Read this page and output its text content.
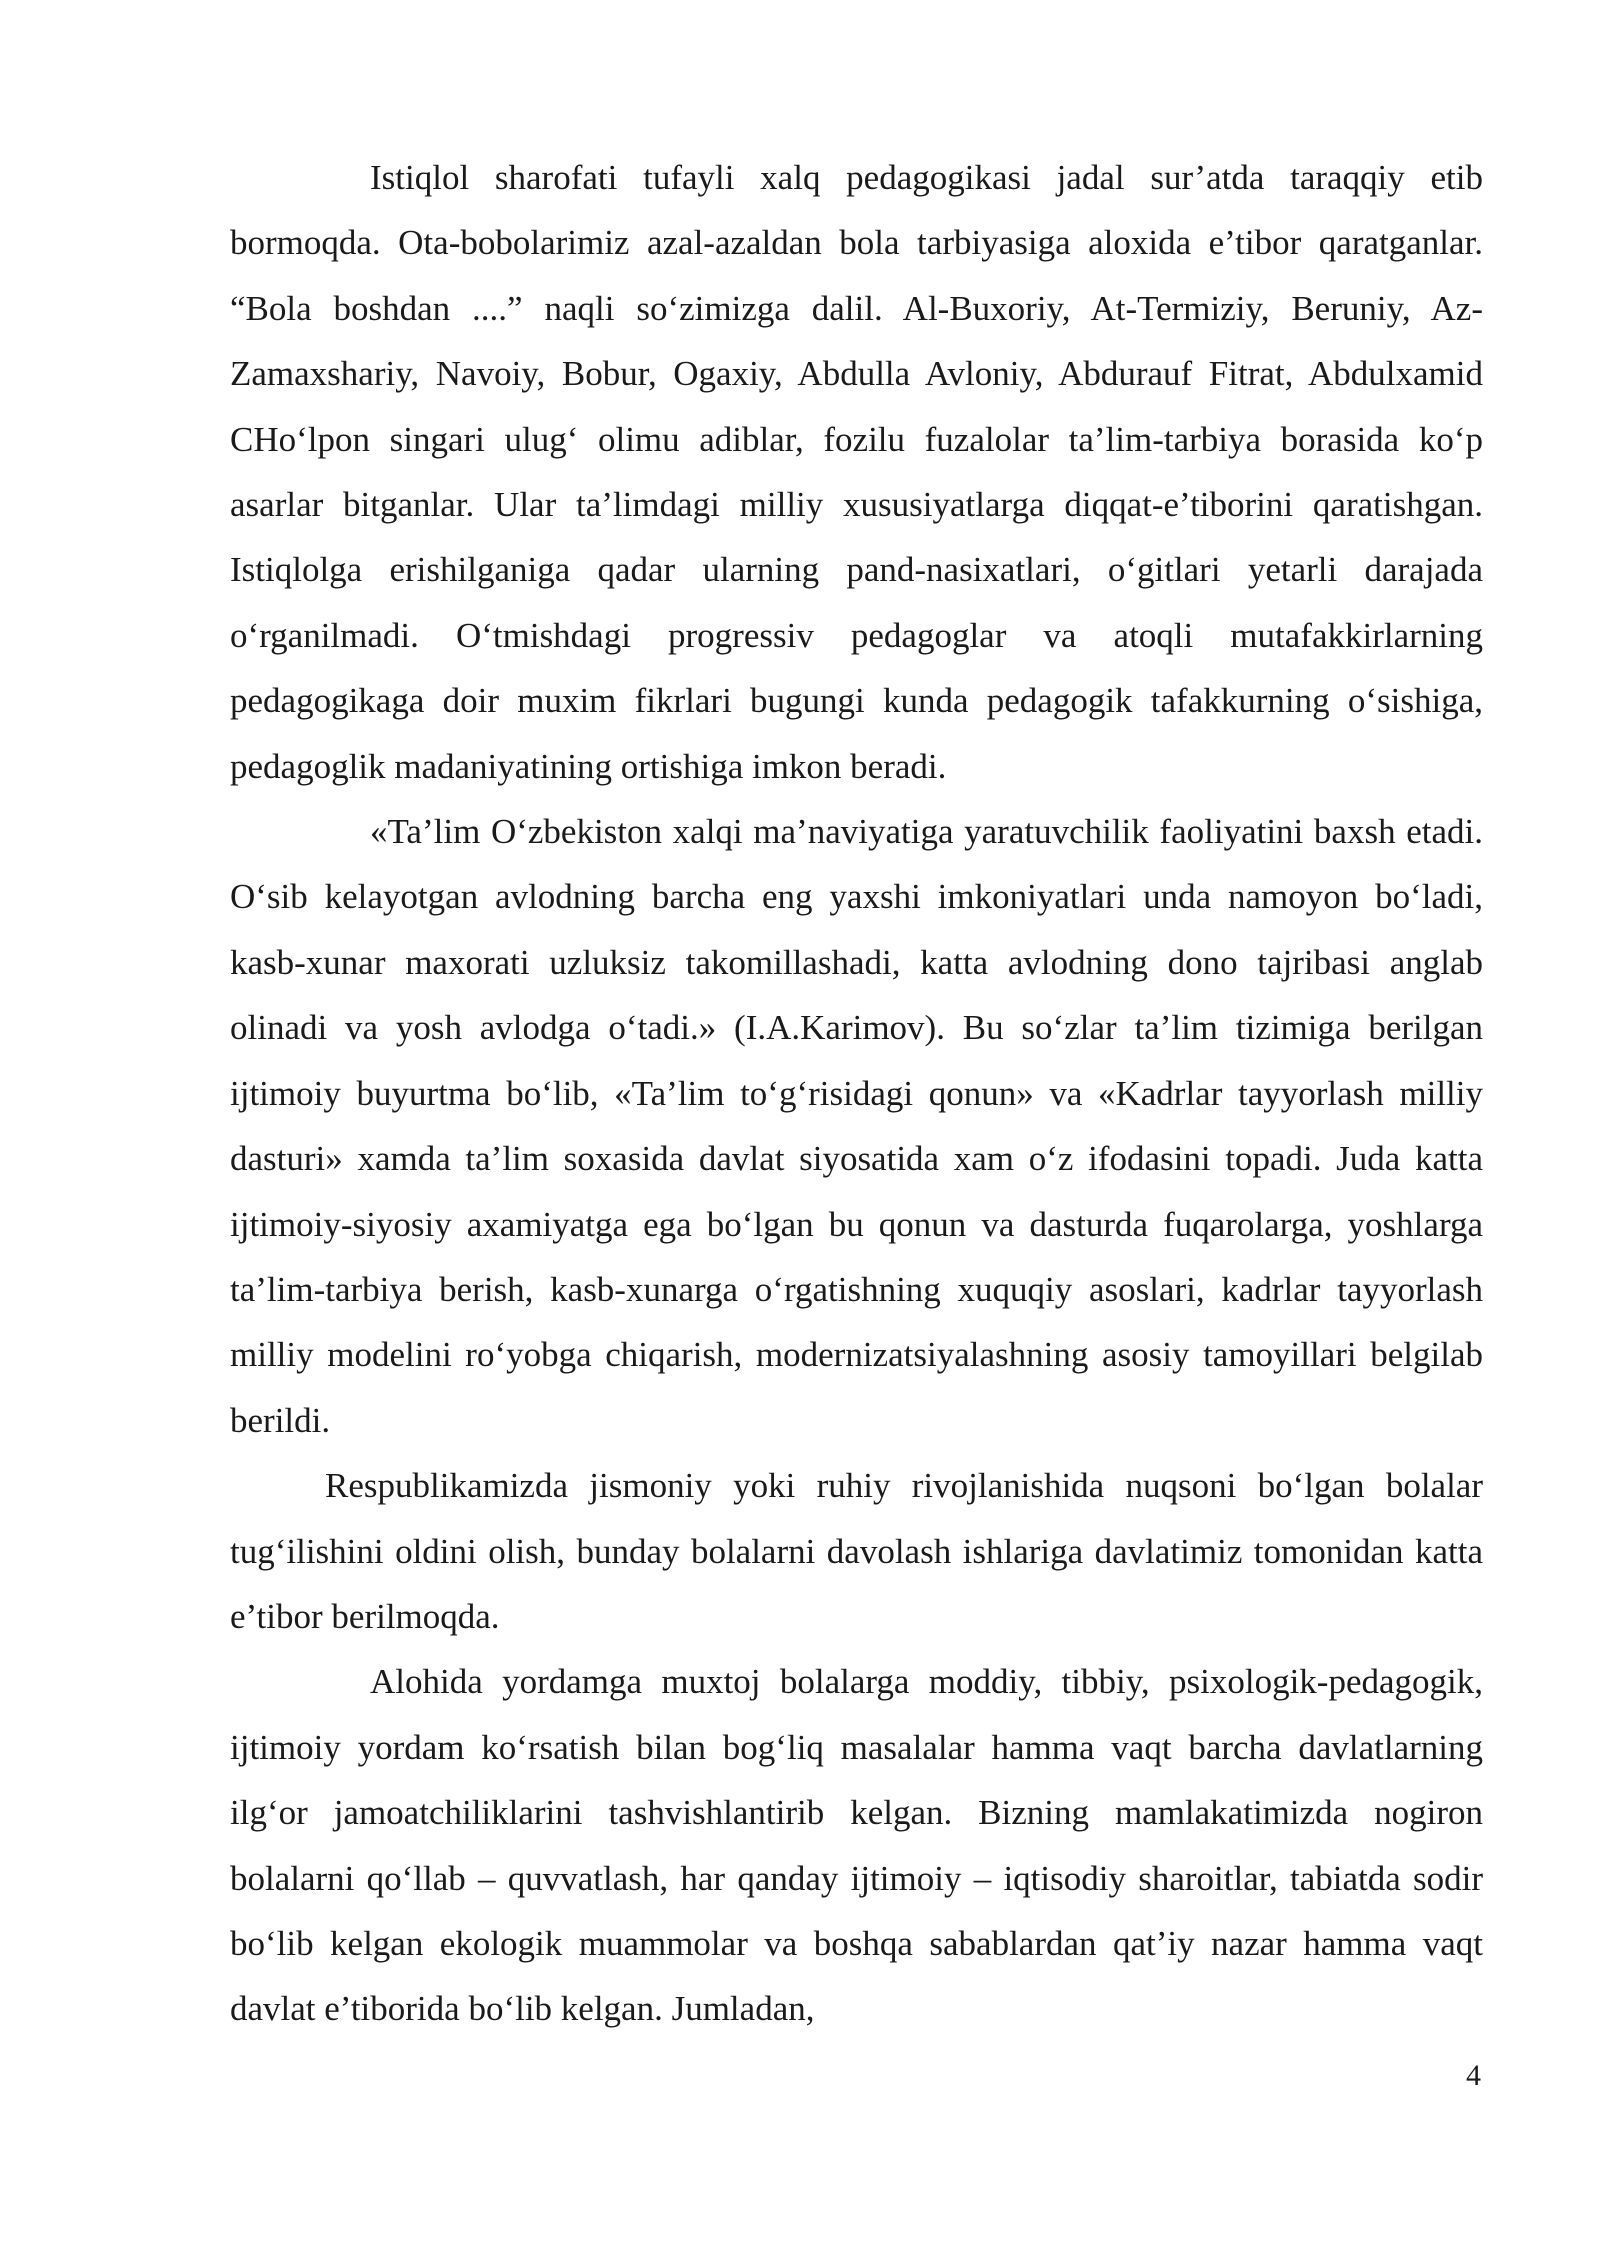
Istiqlol sharofati tufayli xalq pedagogikasi jadal sur’atda taraqqiy etib bormoqda. Ota-bobolarimiz azal-azaldan bola tarbiyasiga aloxida e’tibor qaratganlar. “Bola boshdan ....” naqli so‘zimizga dalil. Al-Buxoriy, At-Termiziy, Beruniy, Az-Zamaxshariy, Navoiy, Bobur, Ogaxiy, Abdulla Avloniy, Abdurauf Fitrat, Abdulxamid CHo‘lpon singari ulug‘ olimu adiblar, fozilu fuzalolar ta’lim-tarbiya borasida ko‘p asarlar bitganlar. Ular ta’limdagi milliy xususiyatlarga diqqat-e’tiborini qaratishgan. Istiqlolga erishilganiga qadar ularning pand-nasixatlari, o‘gitlari yetarli darajada o‘rganilmadi. O‘tmishdagi progressiv pedagoglar va atoqli mutafakkirlarning pedagogikaga doir muxim fikrlari bugungi kunda pedagogik tafakkurning o‘sishiga, pedagoglik madaniyatining ortishiga imkon beradi.

«Ta’lim O‘zbekiston xalqi ma’naviyatiga yaratuvchilik faoliyatini baxsh etadi. O‘sib kelayotgan avlodning barcha eng yaxshi imkoniyatlari unda namoyon bo‘ladi, kasb-xunar maxorati uzluksiz takomillashadi, katta avlodning dono tajribasi anglab olinadi va yosh avlodga o‘tadi.» (I.A.Karimov). Bu so‘zlar ta’lim tizimiga berilgan ijtimoiy buyurtma bo‘lib, «Ta’lim to‘g‘risidagi qonun» va «Kadrlar tayyorlash milliy dasturi» xamda ta’lim soxasida davlat siyosatida xam o‘z ifodasini topadi. Juda katta ijtimoiy-siyosiy axamiyatga ega bo‘lgan bu qonun va dasturda fuqarolarga, yoshlarga ta’lim-tarbiya berish, kasb-xunarga o‘rgatishning xuquqiy asoslari, kadrlar tayyorlash milliy modelini ro‘yobga chiqarish, modernizatsiyalashning asosiy tamoyillari belgilab berildi.

Respublikamizda jismoniy yoki ruhiy rivojlanishida nuqsoni bo‘lgan bolalar tug‘ilishini oldini olish, bunday bolalarni davolash ishlariga davlatimiz tomonidan katta e’tibor berilmoqda.

Alohida yordamga muxtoj bolalarga moddiy, tibbiy, psixologik-pedagogik, ijtimoiy yordam ko‘rsatish bilan bog‘liq masalalar hamma vaqt barcha davlatlarning ilg‘or jamoatchiliklarini tashvishlantirib kelgan. Bizning mamlakatimizda nogiron bolalarni qo‘llab – quvvatlash, har qanday ijtimoiy – iqtisodiy sharoitlar, tabiatda sodir bo‘lib kelgan ekologik muammolar va boshqa sabablardan qat’iy nazar hamma vaqt davlat e’tiborida bo‘lib kelgan. Jumladan,

4
